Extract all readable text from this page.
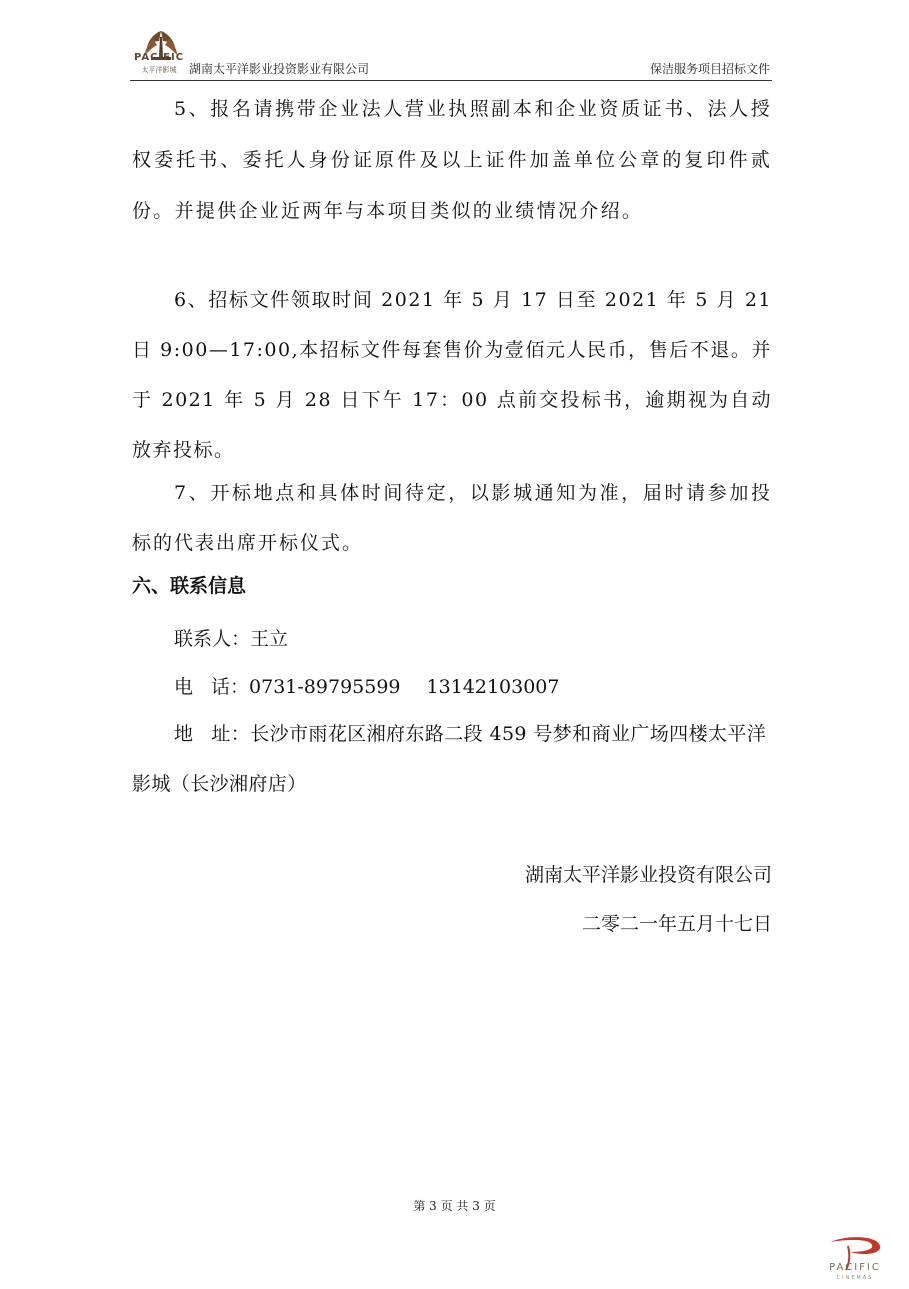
PACIFIC
太平洋影城	湖南太平洋影业投资影业有限公司	保洁服务项目招标文件

5、报名请携带企业法人营业执照副本和企业资质证书、法人授权委托书、委托人身份证原件及以上证件加盖单位公章的复印件贰份。并提供企业近两年与本项目类似的业绩情况介绍。

6、招标文件领取时间 2021 年 5 月 17 日至 2021 年 5 月 21 日 9:00—17:00,本招标文件每套售价为壹佰元人民币，售后不退。并于 2021 年 5 月 28 日下午 17：00 点前交投标书，逾期视为自动放弃投标。

7、开标地点和具体时间待定，以影城通知为准，届时请参加投标的代表出席开标仪式。

六、联系信息
联系人：王立
电 话：0731-89795599 13142103007
地 址：长沙市雨花区湘府东路二段 459 号梦和商业广场四楼太平洋影城（长沙湘府店）
湖南太平洋影业投资有限公司
二零二一年五月十七日
第 3 页 共 3 页
PACIFIC
CINEMAS
